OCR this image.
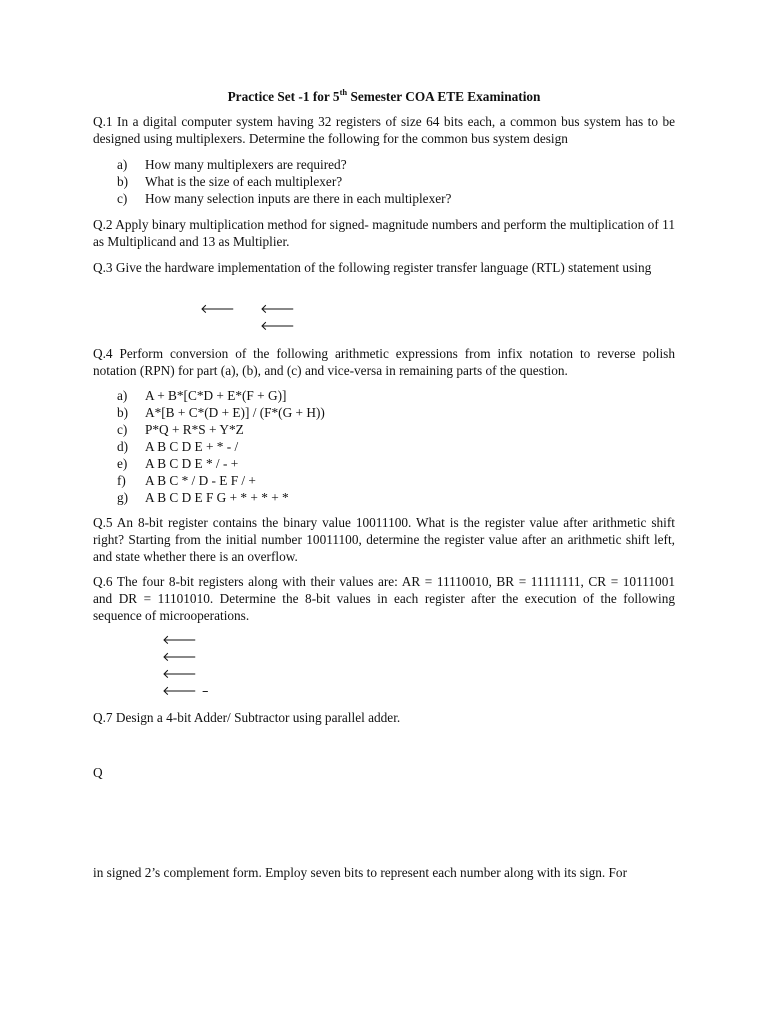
Practice Set -1 for 5th Semester COA ETE Examination
Q.1 In a digital computer system having 32 registers of size 64 bits each, a common bus system has to be designed using multiplexers. Determine the following for the common bus system design
a)	How many multiplexers are required?
b)	What is the size of each multiplexer?
c)	How many selection inputs are there in each multiplexer?
Q.2 Apply binary multiplication method for signed- magnitude numbers and perform the multiplication of 11 as Multiplicand and 13 as Multiplier.
Q.3 Give the hardware implementation of the following register transfer language (RTL) statement using
🡐 🡐
🡐
Q.4 Perform conversion of the following arithmetic expressions from infix notation to reverse polish notation (RPN) for part (a), (b), and (c) and vice-versa in remaining parts of the question.
a)	A + B*[C*D + E*(F + G)]
b)	A*[B + C*(D + E)] / (F*(G + H))
c)	P*Q + R*S + Y*Z
d)	A B C D E + * - /
e)	A B C D E * / - +
f)	A B C * / D - E F / +
g)	A B C D E F G + * + * + *
Q.5 An 8-bit register contains the binary value 10011100. What is the register value after arithmetic shift right? Starting from the initial number 10011100, determine the register value after an arithmetic shift left, and state whether there is an overflow.
Q.6 The four 8-bit registers along with their values are: AR = 11110010, BR = 11111111, CR = 10111001 and DR = 11101010. Determine the 8-bit values in each register after the execution of the following sequence of microoperations.
🡐
🡐
🡐
🡐 –
Q.7 Design a 4-bit Adder/ Subtractor using parallel adder.
Q
in signed 2’s complement form. Employ seven bits to represent each number along with its sign. For
